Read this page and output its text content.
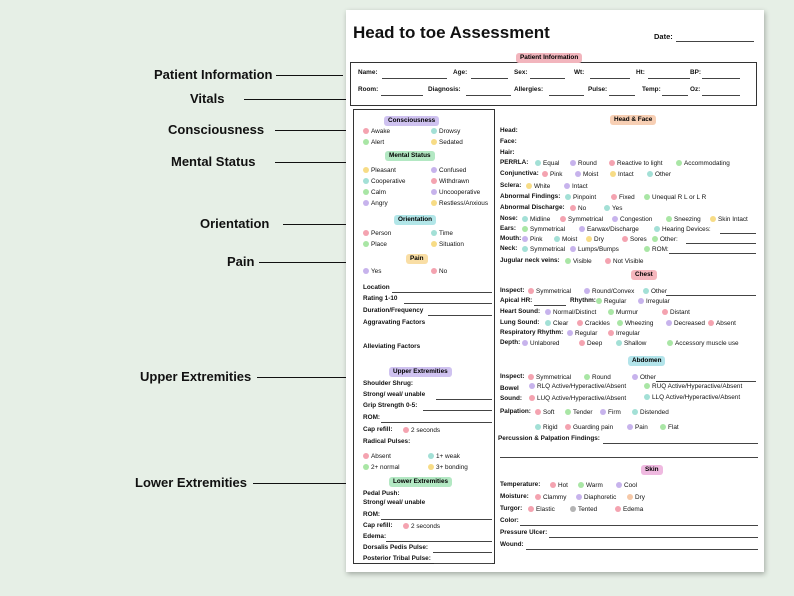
Patient Information
Vitals
Consciousness
Mental Status
Orientation
Pain
Upper Extremities
Lower Extremities
Head to toe Assessment	Date:
Patient Information
Name:	Age:	Sex:	Wt:	Ht:	BP:
Room:	Diagnosis:	Allergies:	Pulse:	Temp:	Oz:
Consciousness
Awake	Drowsy
Alert	Sedated
Mental Status
Pleasant	Confused
Cooperative	Withdrawn
Calm	Uncooperative
Angry	Restless/Anxious
Orientation
Person	Time
Place	Situation
Pain
Yes	No
Location
Rating 1-10
Duration/Frequency
Aggravating Factors
Alleviating Factors
Upper Extremities
Shoulder Shrug:
Strong/ weal/ unable
Grip Strength 0-5:
ROM:
Cap refill:	2 seconds
Radical Pulses:
Absent	1+ weak
2+ normal	3+ bonding
Lower Extremities
Pedal Push:
Strong/ weal/ unable
ROM:
Cap refill:	2 seconds
Edema:
Dorsalis Pedis Pulse:
Posterior Tribal Pulse:
Head & Face
Head:
Face:
Hair:
PERRLA:	Equal	Round	Reactive to light	Accommodating
Conjunctiva:	Pink	Moist	Intact	Other
Sclera:	White	Intact
Abnormal Findings:	Pinpoint	Fixed	Unequal R L or L R
Abnormal Discharge:	No	Yes
Nose:	Midline	Symmetrical	Congestion	Sneezing	Skin Intact
Ears:	Symmetrical	Earwax/Discharge	Hearing Devices:
Mouth:	Pink	Moist	Dry	Sores	Other:
Neck:	Symmetrical	Lumps/Bumps	ROM:
Jugular neck veins:	Visible	Not Visible
Chest
Inspect:	Symmetrical	Round/Convex	Other
Apical HR:	Rhythm:	Regular	Irregular
Heart Sound:	Normal/Distinct	Murmur	Distant
Lung Sound:	Clear	Crackles	Wheezing	Decreased	Absent
Respiratory Rhythm:	Regular	Irregular
Depth:	Unlabored	Deep	Shallow	Accessory muscle use
Abdomen
Inspect:	Symmetrical	Round	Other
Bowel
Sound:
RLQ Active/Hyperactive/Absent	RUQ Active/Hyperactive/Absent
LUQ Active/Hyperactive/Absent	LLQ Active/Hyperactive/Absent
Palpation:	Soft	Tender	Firm	Distended
Rigid	Guarding pain	Pain	Flat
Percussion & Palpation Findings:
Skin
Temperature:	Hot	Warm	Cool
Moisture:	Clammy	Diaphoretic	Dry
Turgor:	Elastic	Tented	Edema
Color:
Pressure Ulcer:
Wound:
